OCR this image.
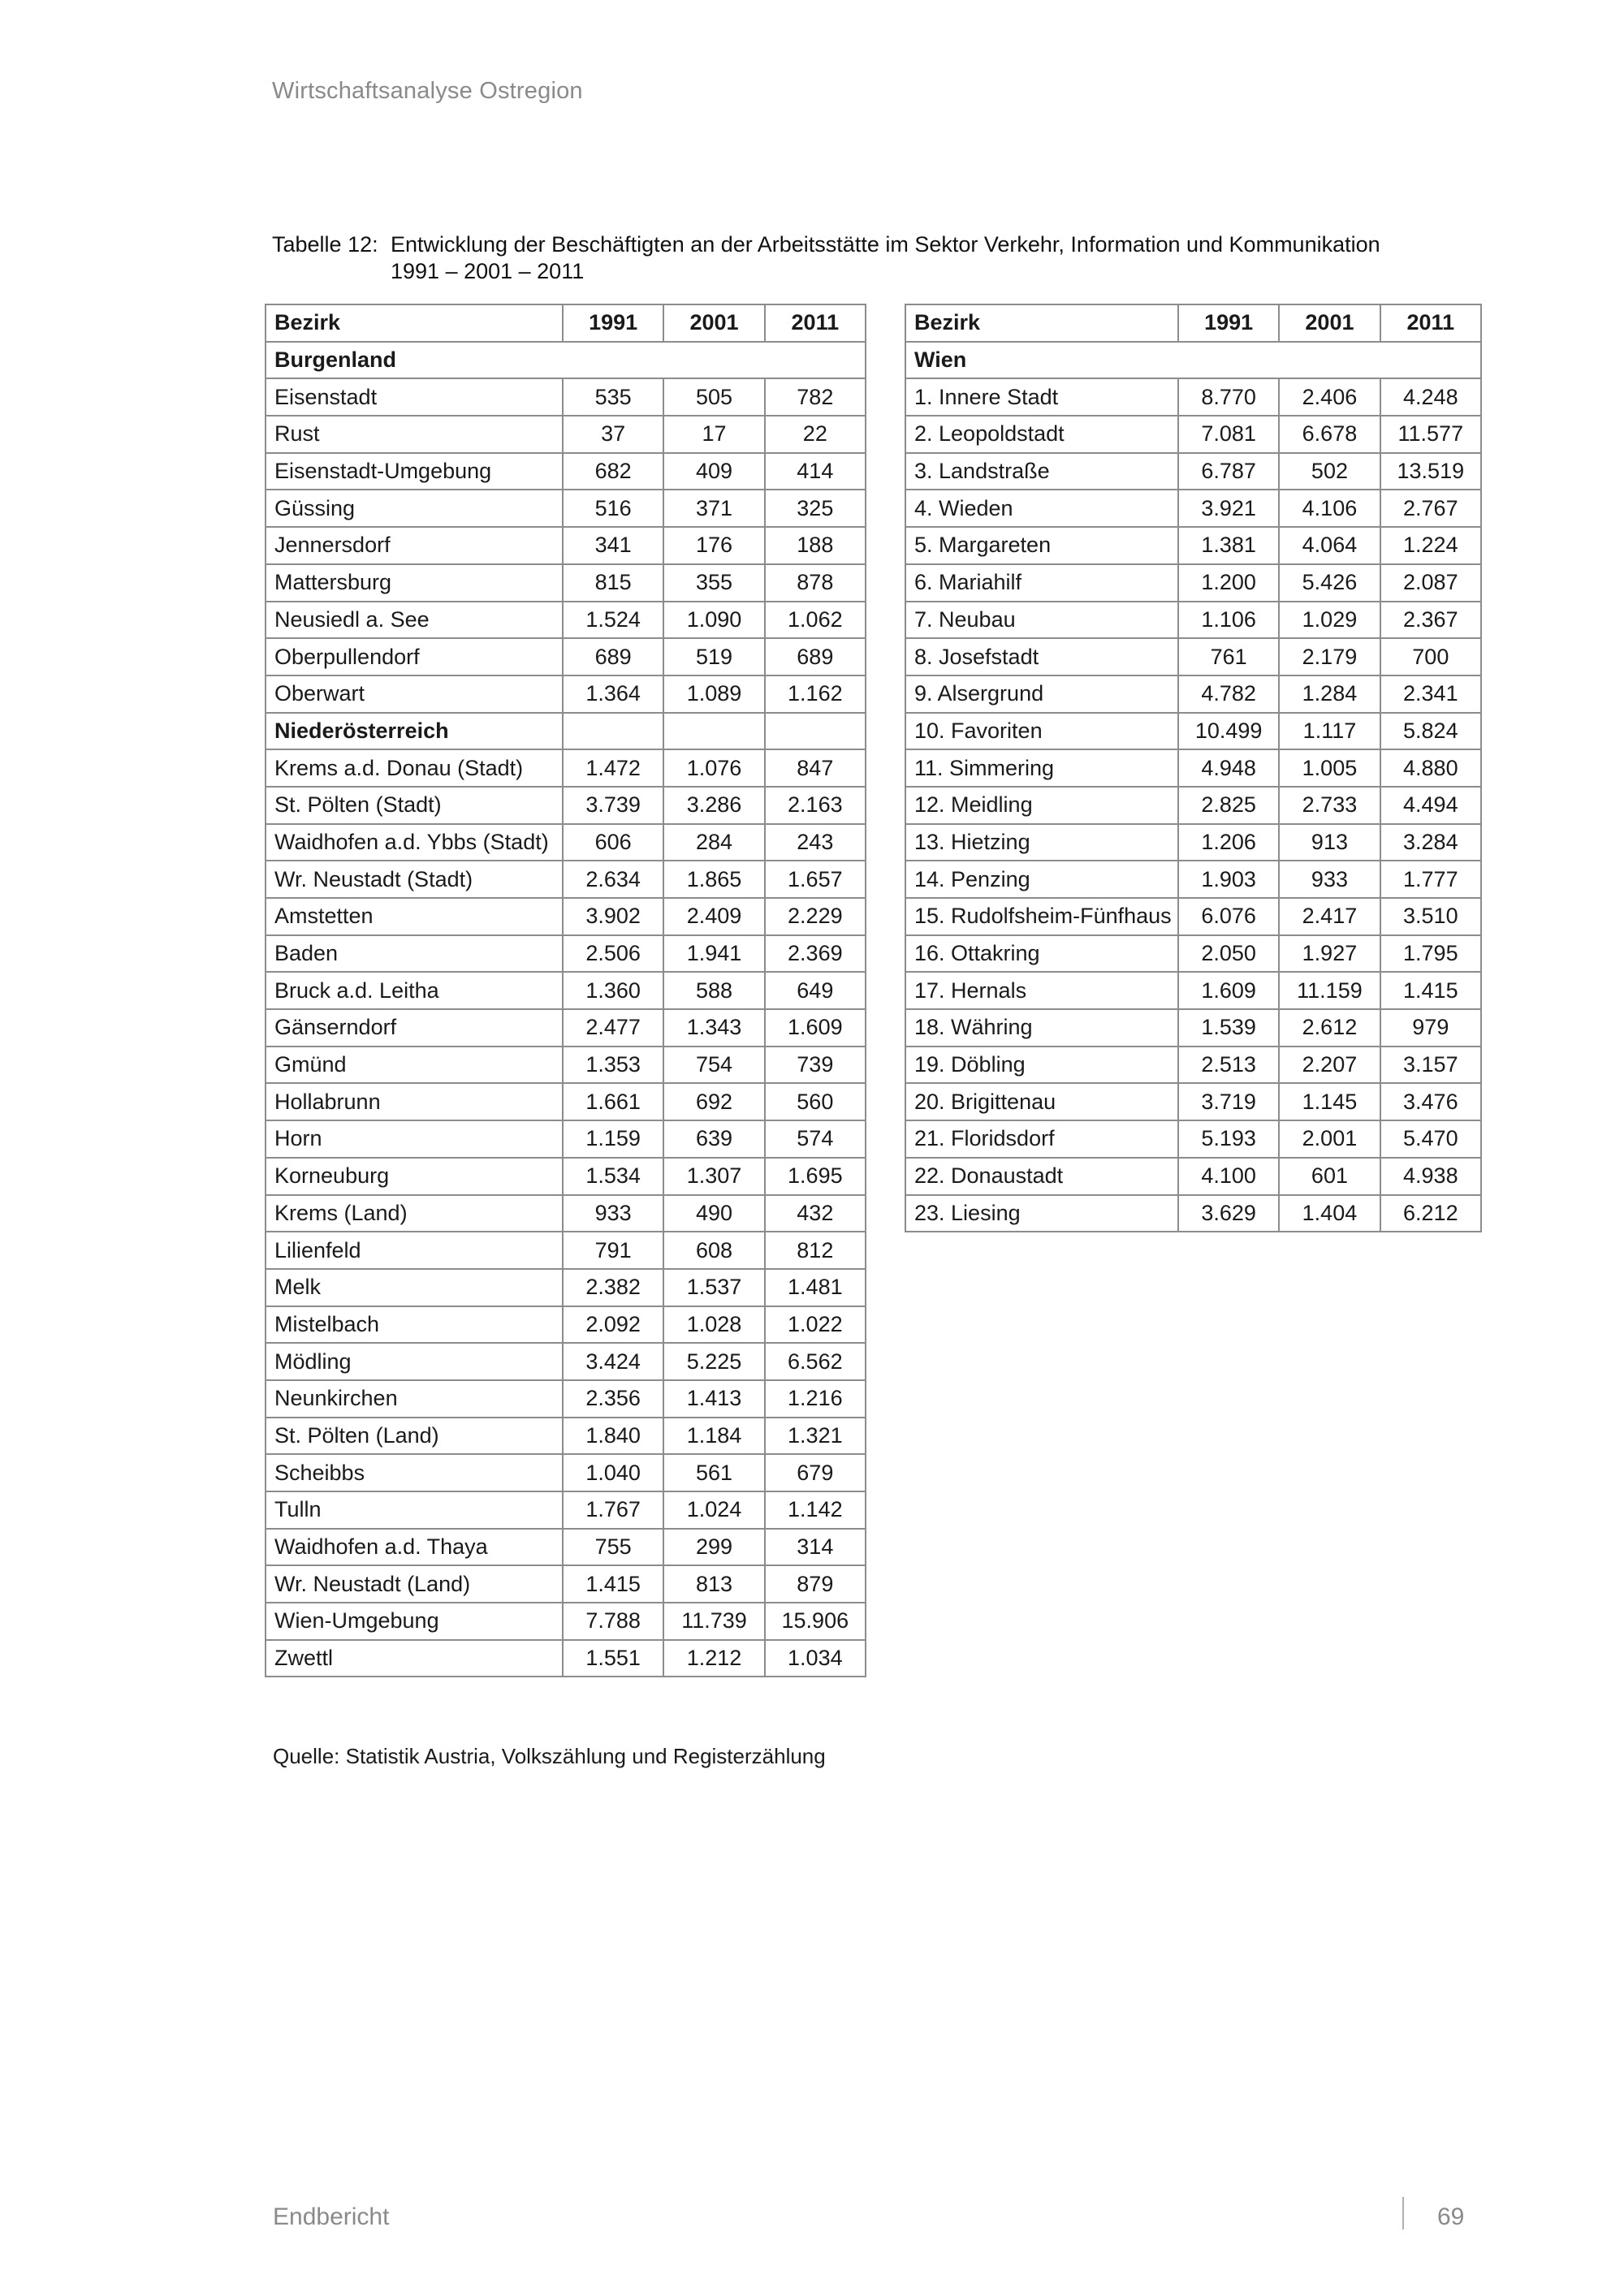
Wirtschaftsanalyse Ostregion
Tabelle 12: Entwicklung der Beschäftigten an der Arbeitsstätte im Sektor Verkehr, Information und Kommunikation 1991 – 2001 – 2011
Bezirk	1991	2001	2011
Burgenland			
Eisenstadt	535	505	782
Rust	37	17	22
Eisenstadt-Umgebung	682	409	414
Güssing	516	371	325
Jennersdorf	341	176	188
Mattersburg	815	355	878
Neusiedl a. See	1.524	1.090	1.062
Oberpullendorf	689	519	689
Oberwart	1.364	1.089	1.162
Niederösterreich			
Krems a.d. Donau (Stadt)	1.472	1.076	847
St. Pölten (Stadt)	3.739	3.286	2.163
Waidhofen a.d. Ybbs (Stadt)	606	284	243
Wr. Neustadt (Stadt)	2.634	1.865	1.657
Amstetten	3.902	2.409	2.229
Baden	2.506	1.941	2.369
Bruck a.d. Leitha	1.360	588	649
Gänserndorf	2.477	1.343	1.609
Gmünd	1.353	754	739
Hollabrunn	1.661	692	560
Horn	1.159	639	574
Korneuburg	1.534	1.307	1.695
Krems (Land)	933	490	432
Lilienfeld	791	608	812
Melk	2.382	1.537	1.481
Mistelbach	2.092	1.028	1.022
Mödling	3.424	5.225	6.562
Neunkirchen	2.356	1.413	1.216
St. Pölten (Land)	1.840	1.184	1.321
Scheibbs	1.040	561	679
Tulln	1.767	1.024	1.142
Waidhofen a.d. Thaya	755	299	314
Wr. Neustadt (Land)	1.415	813	879
Wien-Umgebung	7.788	11.739	15.906
Zwettl	1.551	1.212	1.034
Bezirk	1991	2001	2011
Wien			
1. Innere Stadt	8.770	2.406	4.248
2. Leopoldstadt	7.081	6.678	11.577
3. Landstraße	6.787	502	13.519
4. Wieden	3.921	4.106	2.767
5. Margareten	1.381	4.064	1.224
6. Mariahilf	1.200	5.426	2.087
7. Neubau	1.106	1.029	2.367
8. Josefstadt	761	2.179	700
9. Alsergrund	4.782	1.284	2.341
10. Favoriten	10.499	1.117	5.824
11. Simmering	4.948	1.005	4.880
12. Meidling	2.825	2.733	4.494
13. Hietzing	1.206	913	3.284
14. Penzing	1.903	933	1.777
15. Rudolfsheim-Fünfhaus	6.076	2.417	3.510
16. Ottakring	2.050	1.927	1.795
17. Hernals	1.609	11.159	1.415
18. Währing	1.539	2.612	979
19. Döbling	2.513	2.207	3.157
20. Brigittenau	3.719	1.145	3.476
21. Floridsdorf	5.193	2.001	5.470
22. Donaustadt	4.100	601	4.938
23. Liesing	3.629	1.404	6.212
Quelle: Statistik Austria, Volkszählung und Registerzählung
Endbericht	69
